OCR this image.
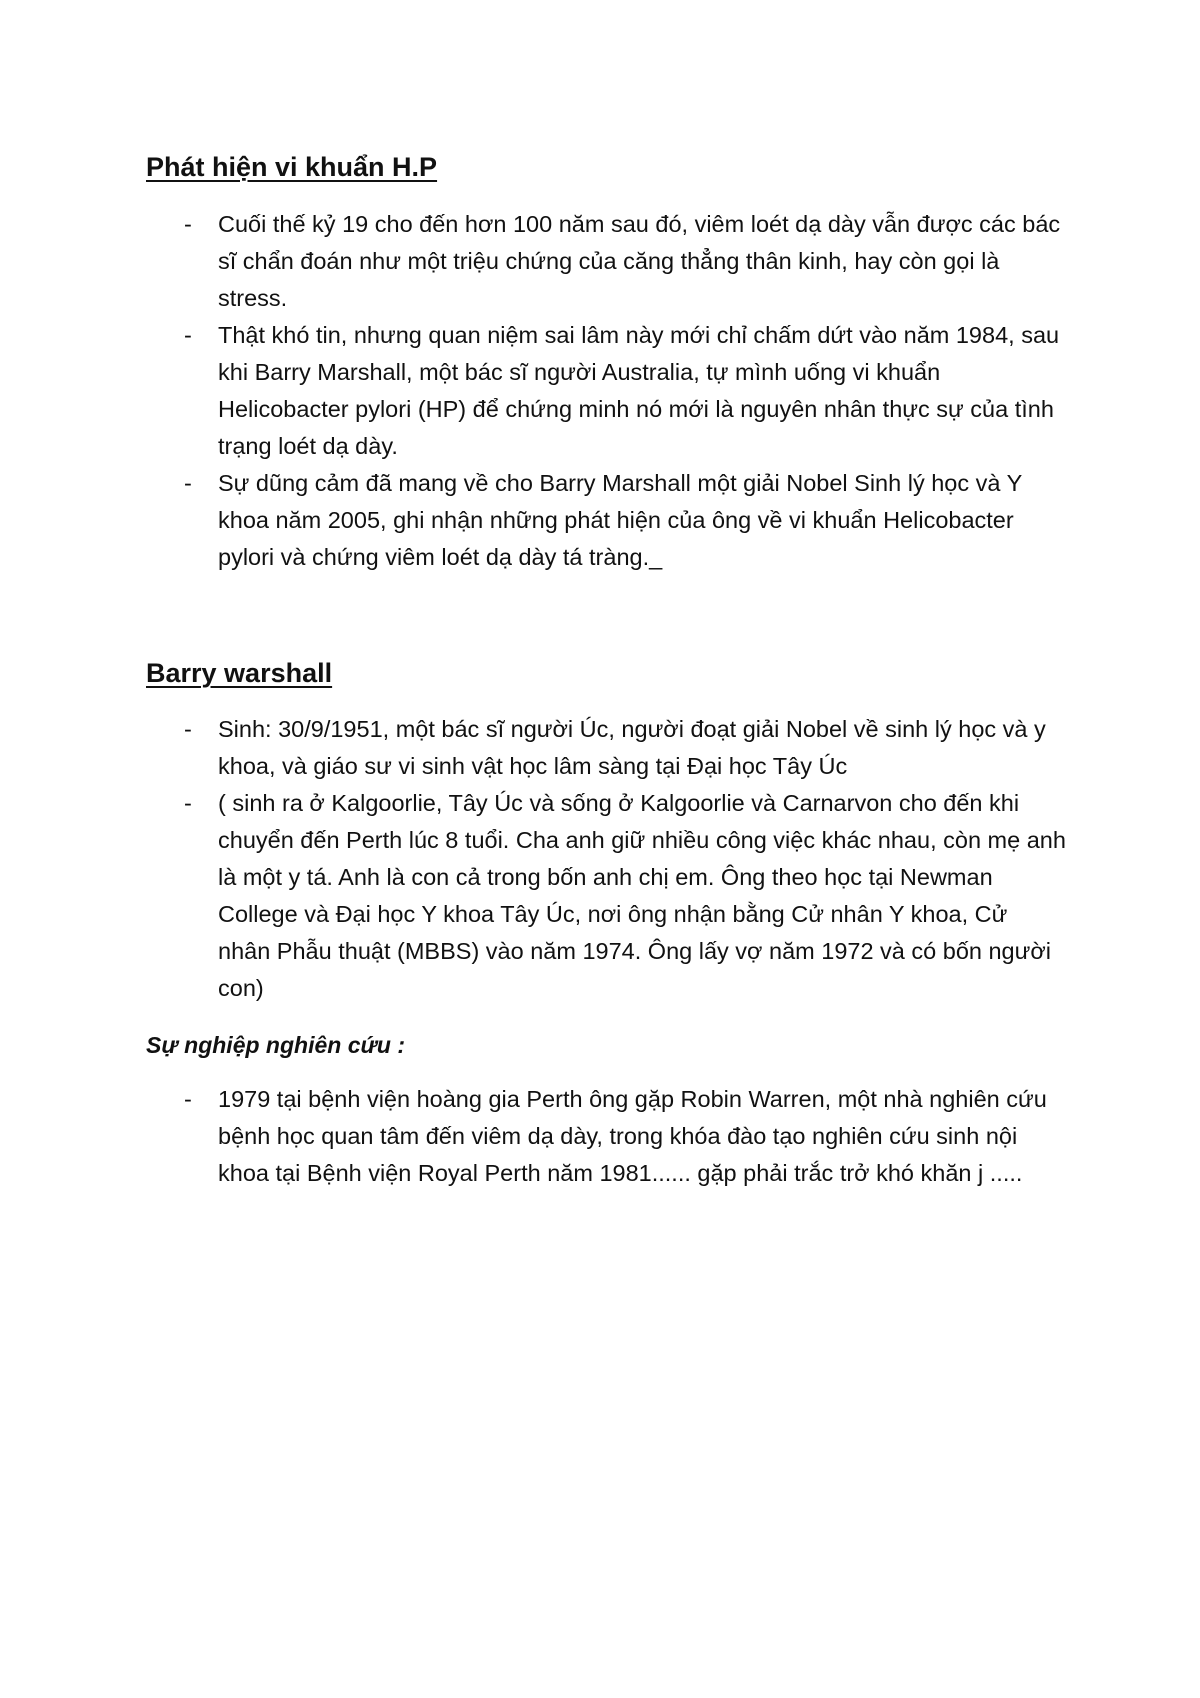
Phát hiện vi khuẩn H.P
- Cuối thế kỷ 19 cho đến hơn 100 năm sau đó, viêm loét dạ dày vẫn được các bác sĩ chẩn đoán như một triệu chứng của căng thẳng thân kinh, hay còn gọi là stress.
- Thật khó tin, nhưng quan niệm sai lâm này mới chỉ chấm dứt vào năm 1984, sau khi Barry Marshall, một bác sĩ người Australia, tự mình uống vi khuẩn Helicobacter pylori (HP) để chứng minh nó mới là nguyên nhân thực sự của tình trạng loét dạ dày.
- Sự dũng cảm đã mang về cho Barry Marshall một giải Nobel Sinh lý học và Y khoa năm 2005, ghi nhận những phát hiện của ông về vi khuẩn Helicobacter pylori và chứng viêm loét dạ dày tá tràng._
Barry warshall
- Sinh: 30/9/1951, một bác sĩ người Úc, người đoạt giải Nobel về sinh lý học và y khoa, và giáo sư vi sinh vật học lâm sàng tại Đại học Tây Úc
- ( sinh ra ở Kalgoorlie, Tây Úc và sống ở Kalgoorlie và Carnarvon cho đến khi chuyển đến Perth lúc 8 tuổi. Cha anh giữ nhiều công việc khác nhau, còn mẹ anh là một y tá. Anh là con cả trong bốn anh chị em. Ông theo học tại Newman College và Đại học Y khoa Tây Úc, nơi ông nhận bằng Cử nhân Y khoa, Cử nhân Phẫu thuật (MBBS) vào năm 1974. Ông lấy vợ năm 1972 và có bốn người con)
Sự nghiệp nghiên cứu :
- 1979 tại bệnh viện hoàng gia Perth ông gặp Robin Warren, một nhà nghiên cứu bệnh học quan tâm đến viêm dạ dày, trong khóa đào tạo nghiên cứu sinh nội khoa tại Bệnh viện Royal Perth năm 1981...... gặp phải trắc trở khó khăn j .....
